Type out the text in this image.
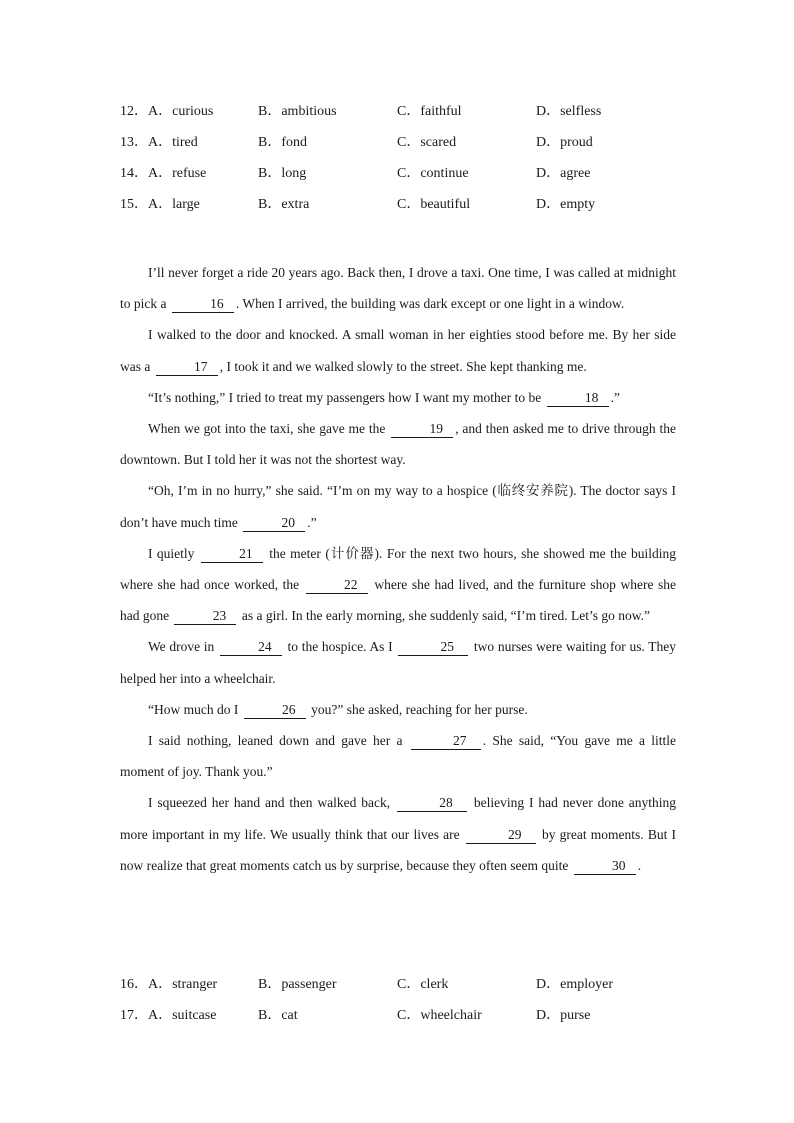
12．A．curious	B．ambitious	C．faithful	D．selfless
13．A．tired	B．fond	C．scared	D．proud
14．A．refuse	B．long	C．continue	D．agree
15．A．large	B．extra	C．beautiful	D．empty

I’ll never forget a ride 20 years ago. Back then, I drove a taxi. One time, I was called at midnight to pick a	16 . When I arrived, the building was dark except or one light in a window.

I walked to the door and knocked. A small woman in her eighties stood before me. By her side was a	17 , I took it and we walked slowly to the street. She kept thanking me.

“It’s nothing,” I tried to treat my passengers how I want my mother to be	18 .”

When we got into the taxi, she gave me the	19 , and then asked me to drive through the downtown. But I told her it was not the shortest way.

“Oh, I’m in no hurry,” she said. “I’m on my way to a hospice (临终安养院). The doctor says I don’t have much time	20 .”

I quietly	21 the meter (计价器). For the next two hours, she showed me the building where she had once worked, the	22 where she had lived, and the furniture shop where she had gone	23 as a girl. In the early morning, she suddenly said, “I’m tired. Let’s go now.”

We drove in	24 to the hospice. As I	25 two nurses were waiting for us. They helped her into a wheelchair.

“How much do I	26 you?” she asked, reaching for her purse.

I said nothing, leaned down and gave her a	27 . She said, “You gave me a little moment of joy. Thank you.”

I squeezed her hand and then walked back,	28 believing I had never done anything more important in my life. We usually think that our lives are	29 by great moments. But I now realize that great moments catch us by surprise, because they often seem quite	30 .

16．A．stranger	B．passenger	C．clerk	D．employer
17．A．suitcase	B．cat	C．wheelchair	D．purse
